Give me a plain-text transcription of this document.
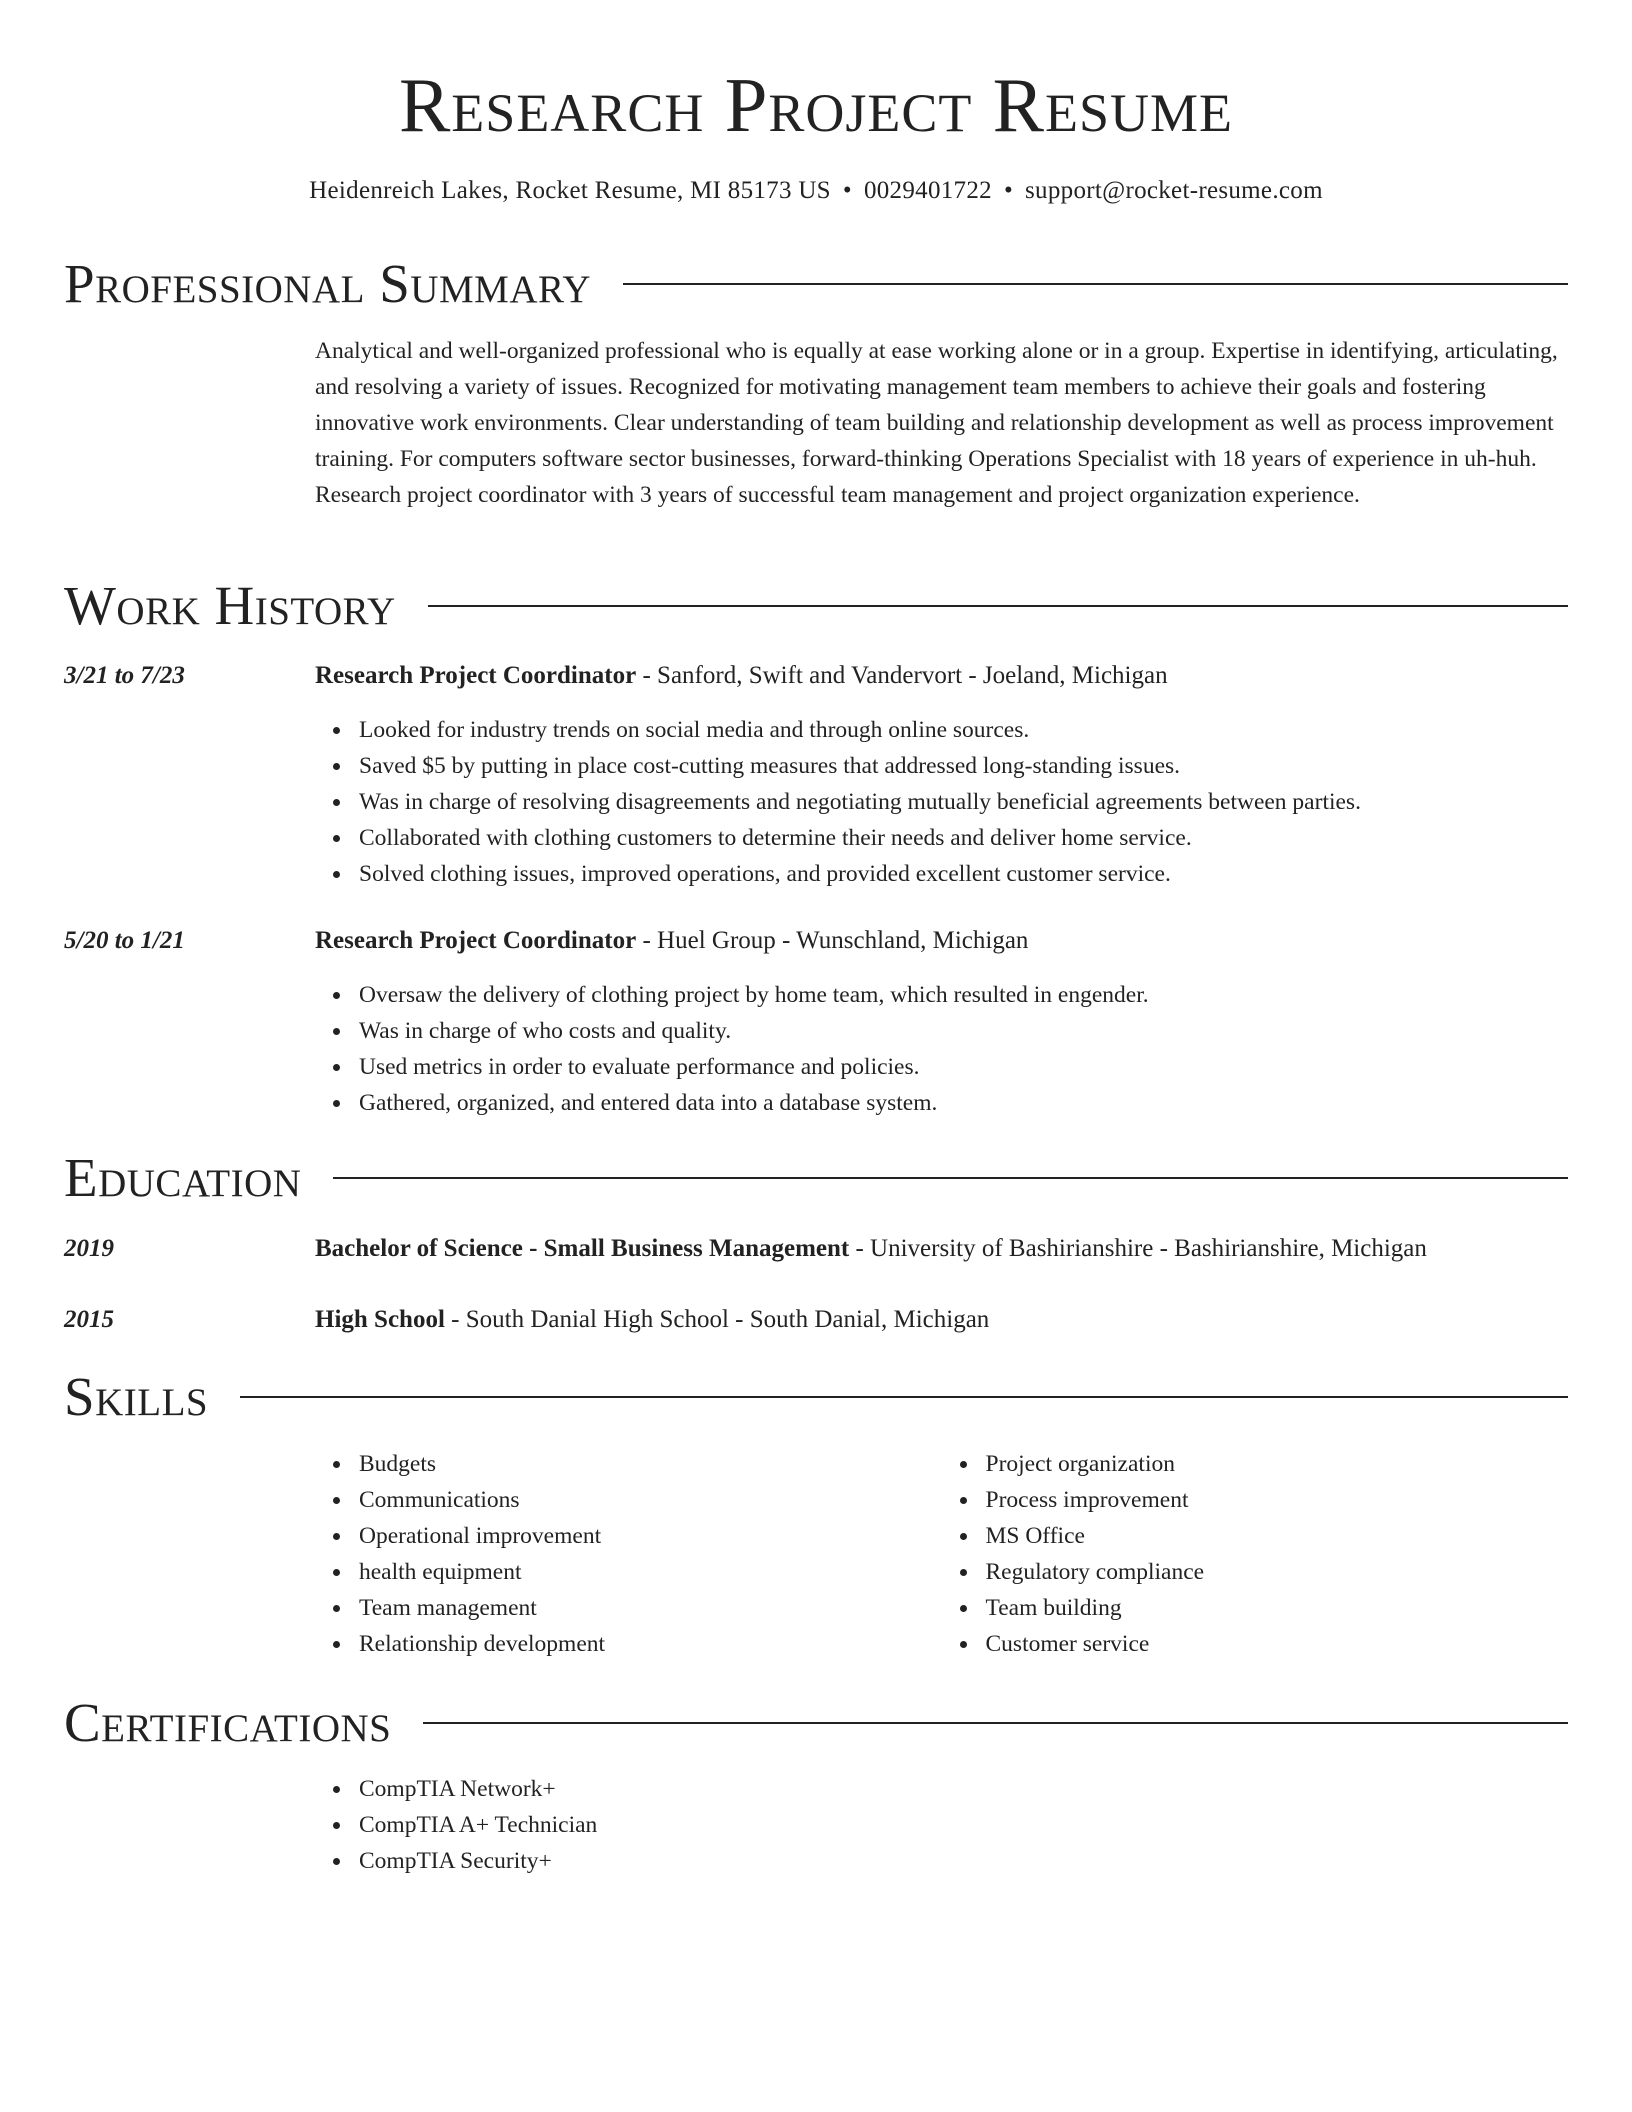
Research Project Resume
Heidenreich Lakes, Rocket Resume, MI 85173 US • 0029401722 • support@rocket-resume.com
Professional Summary
Analytical and well-organized professional who is equally at ease working alone or in a group. Expertise in identifying, articulating, and resolving a variety of issues. Recognized for motivating management team members to achieve their goals and fostering innovative work environments. Clear understanding of team building and relationship development as well as process improvement training. For computers software sector businesses, forward-thinking Operations Specialist with 18 years of experience in uh-huh. Research project coordinator with 3 years of successful team management and project organization experience.
Work History
3/21 to 7/23	Research Project Coordinator - Sanford, Swift and Vandervort - Joeland, Michigan
Looked for industry trends on social media and through online sources.
Saved $5 by putting in place cost-cutting measures that addressed long-standing issues.
Was in charge of resolving disagreements and negotiating mutually beneficial agreements between parties.
Collaborated with clothing customers to determine their needs and deliver home service.
Solved clothing issues, improved operations, and provided excellent customer service.
5/20 to 1/21	Research Project Coordinator - Huel Group - Wunschland, Michigan
Oversaw the delivery of clothing project by home team, which resulted in engender.
Was in charge of who costs and quality.
Used metrics in order to evaluate performance and policies.
Gathered, organized, and entered data into a database system.
Education
2019	Bachelor of Science - Small Business Management - University of Bashirianshire - Bashirianshire, Michigan
2015	High School - South Danial High School - South Danial, Michigan
Skills
Budgets
Communications
Operational improvement
health equipment
Team management
Relationship development
Project organization
Process improvement
MS Office
Regulatory compliance
Team building
Customer service
Certifications
CompTIA Network+
CompTIA A+ Technician
CompTIA Security+
